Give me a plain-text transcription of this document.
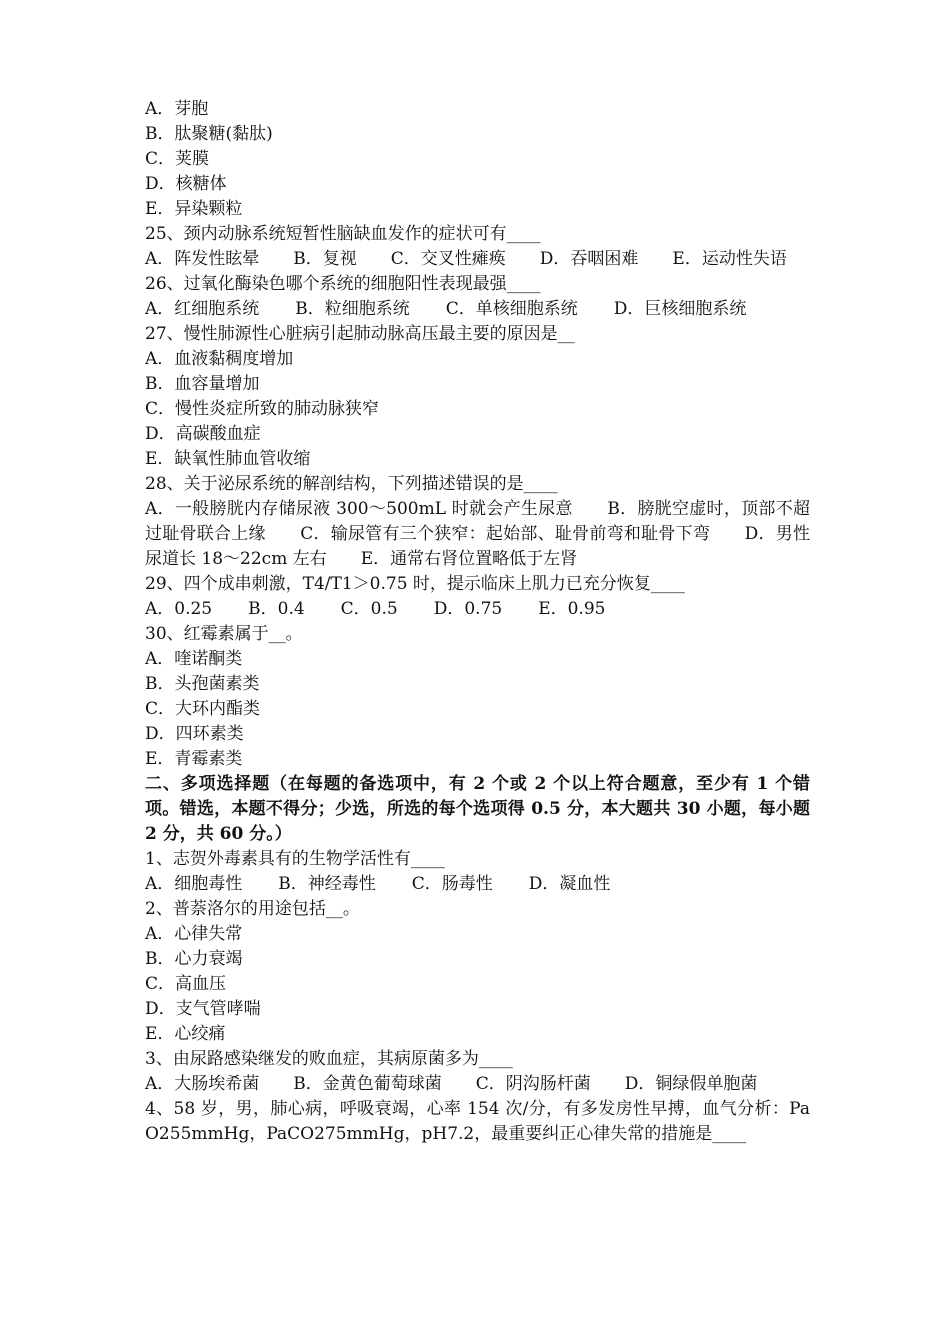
A．芽胞
B．肽聚糖(黏肽)
C．荚膜
D．核糖体
E．异染颗粒
25、颈内动脉系统短暂性脑缺血发作的症状可有____
A．阵发性眩晕　　B．复视　　C．交叉性瘫痪　　D．吞咽困难　　E．运动性失语
26、过氧化酶染色哪个系统的细胞阳性表现最强____
A．红细胞系统 B．粒细胞系统 C．单核细胞系统 D．巨核细胞系统
27、慢性肺源性心脏病引起肺动脉高压最主要的原因是__
A．血液黏稠度增加
B．血容量增加
C．慢性炎症所致的肺动脉狭窄
D．高碳酸血症
E．缺氧性肺血管收缩
28、关于泌尿系统的解剖结构，下列描述错误的是____
A．一般膀胱内存储尿液 300～500mL 时就会产生尿意　　B．膀胱空虚时，顶部不超过耻骨联合上缘　　C．输尿管有三个狭窄：起始部、耻骨前弯和耻骨下弯　　D．男性尿道长 18～22cm 左右　　E．通常右肾位置略低于左肾
29、四个成串刺激，T4/T1＞0.75 时，提示临床上肌力已充分恢复____
A．0.25 B．0.4 C．0.5 D．0.75 E．0.95
30、红霉素属于__。
A．喹诺酮类
B．头孢菌素类
C．大环内酯类
D．四环素类
E．青霉素类
二、多项选择题（在每题的备选项中，有 2 个或 2 个以上符合题意，至少有 1 个错项。错选，本题不得分；少选，所选的每个选项得 0.5 分，本大题共 30 小题，每小题 2 分，共 60 分。）
1、志贺外毒素具有的生物学活性有____
A．细胞毒性 B．神经毒性 C．肠毒性 D．凝血性
2、普萘洛尔的用途包括__。
A．心律失常
B．心力衰竭
C．高血压
D．支气管哮喘
E．心绞痛
3、由尿路感染继发的败血症，其病原菌多为____
A．大肠埃希菌　　B．金黄色葡萄球菌　　C．阴沟肠杆菌　　D．铜绿假单胞菌
4、58 岁，男，肺心病，呼吸衰竭，心率 154 次/分，有多发房性早搏，血气分析：PaO255mmHg，PaCO275mmHg，pH7.2，最重要纠正心律失常的措施是____
